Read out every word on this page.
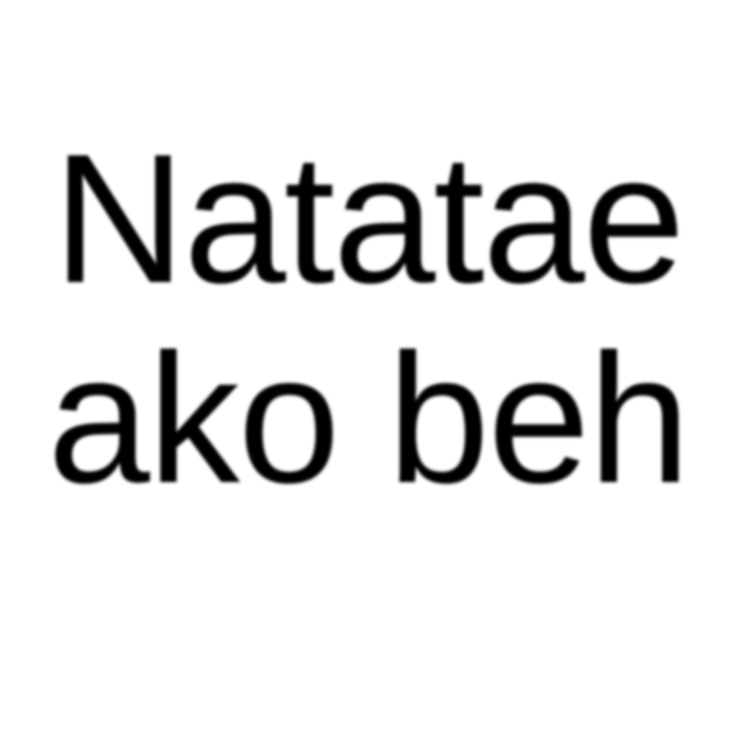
Natatae
ako beh
